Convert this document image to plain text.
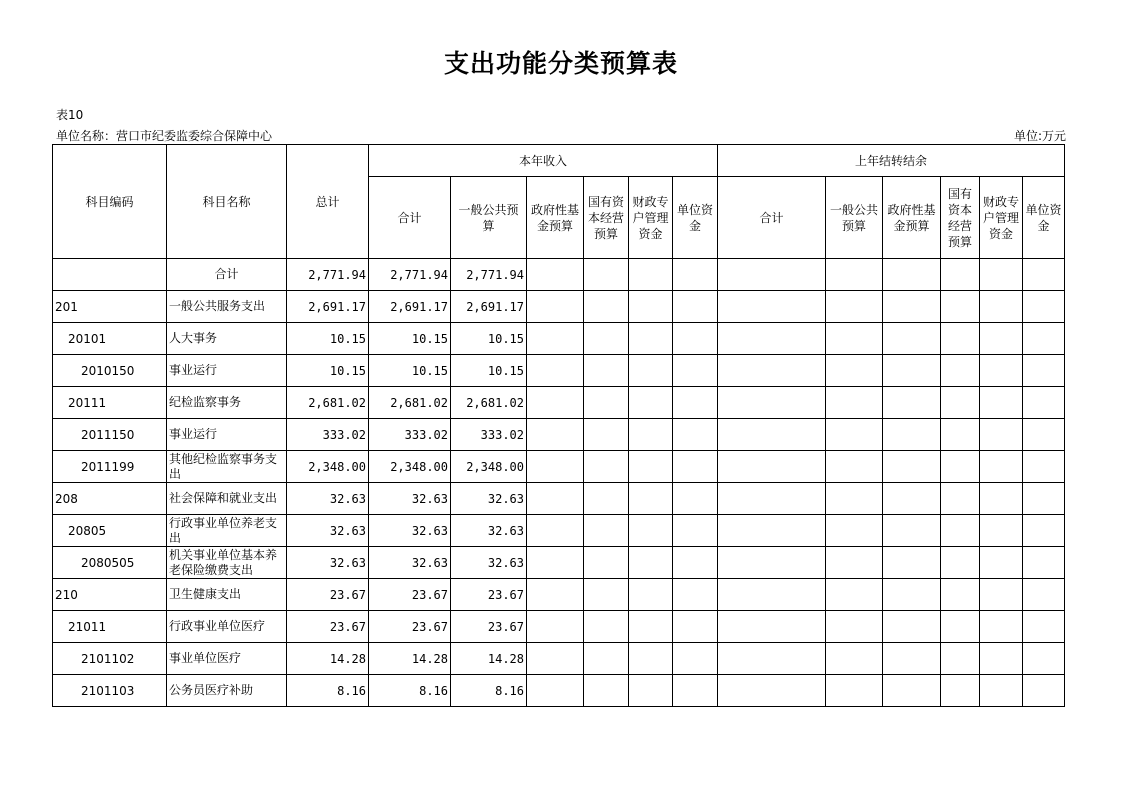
支出功能分类预算表
表10
单位名称：营口市纪委监委综合保障中心	单位:万元
科目编码	科目名称	总计	本年收入						上年结转结余					
			合计	一般公共预算	政府性基金预算	国有资本经营预算	财政专户管理资金	单位资金	合计	一般公共预算	政府性基金预算	国有资本经营预算	财政专户管理资金	单位资金
	合计	2,771.94	2,771.94	2,771.94										
201	一般公共服务支出	2,691.17	2,691.17	2,691.17										
20101	人大事务	10.15	10.15	10.15										
2010150	事业运行	10.15	10.15	10.15										
20111	纪检监察事务	2,681.02	2,681.02	2,681.02										
2011150	事业运行	333.02	333.02	333.02										
2011199	其他纪检监察事务支出	2,348.00	2,348.00	2,348.00										
208	社会保障和就业支出	32.63	32.63	32.63										
20805	行政事业单位养老支出	32.63	32.63	32.63										
2080505	机关事业单位基本养老保险缴费支出	32.63	32.63	32.63										
210	卫生健康支出	23.67	23.67	23.67										
21011	行政事业单位医疗	23.67	23.67	23.67										
2101102	事业单位医疗	14.28	14.28	14.28										
2101103	公务员医疗补助	8.16	8.16	8.16										
